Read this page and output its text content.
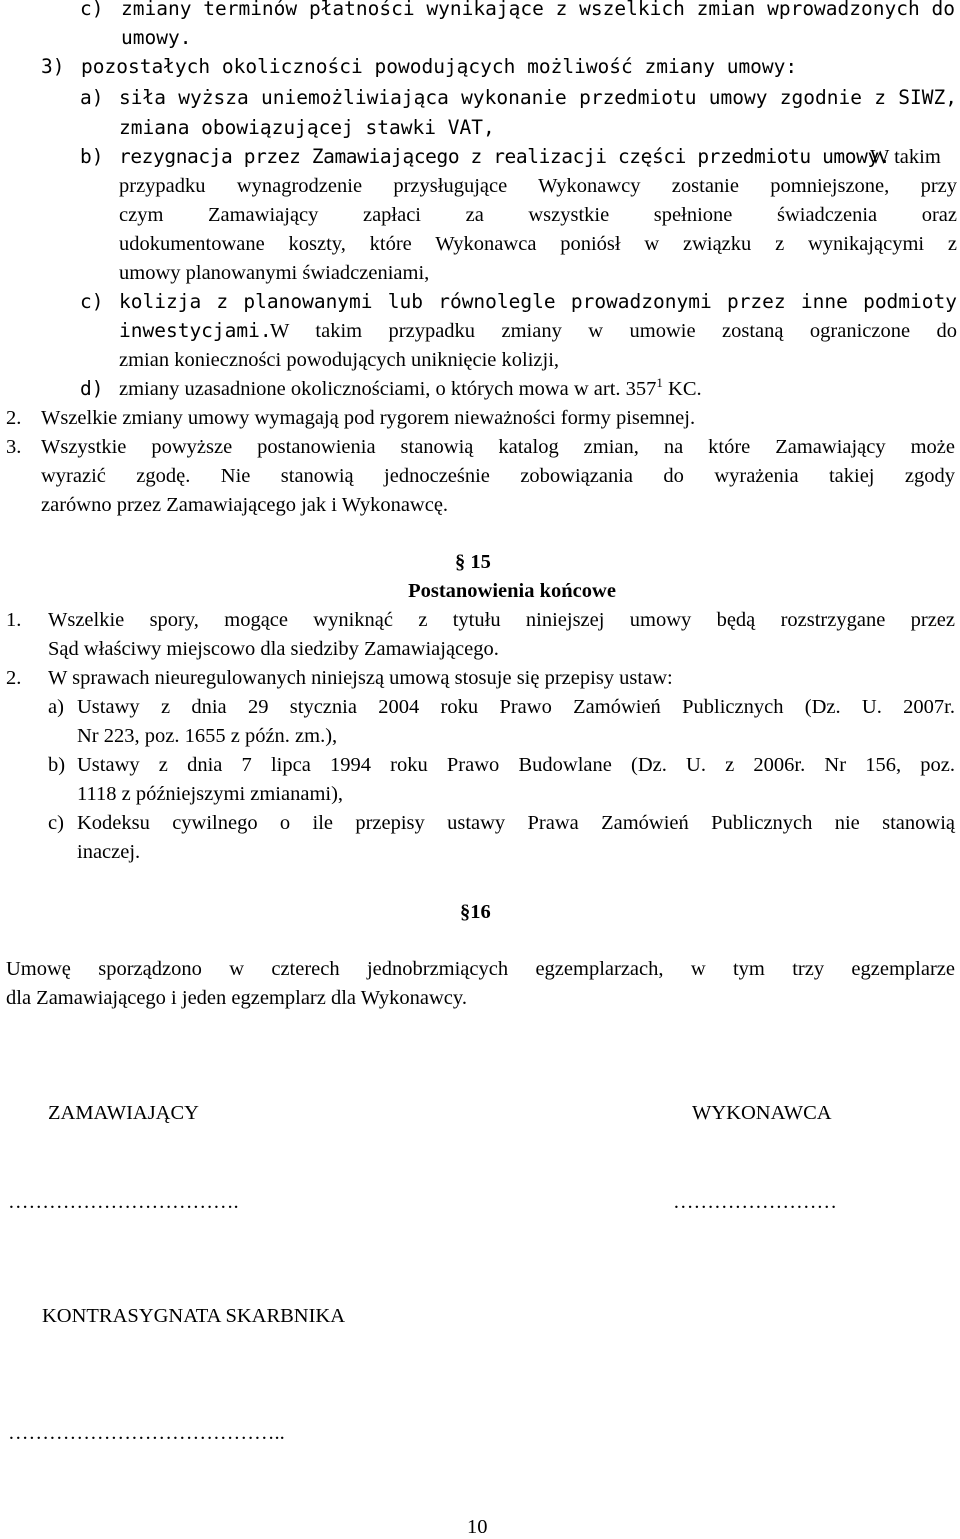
c) zmiany terminów płatności wynikające z wszelkich zmian wprowadzonych do
umowy.
3) pozostałych okoliczności powodujących możliwość zmiany umowy:
a) siła wyższa uniemożliwiająca wykonanie przedmiotu umowy zgodnie z SIWZ,
zmiana obowiązującej stawki VAT,
b) rezygnacja przez Zamawiającego z realizacji części przedmiotu umowy.
W takim
przypadku wynagrodzenie przysługujące Wykonawcy zostanie pomniejszone, przy
czym Zamawiający zapłaci za wszystkie spełnione świadczenia oraz
udokumentowane koszty, które Wykonawca poniósł w związku z wynikającymi z
umowy planowanymi świadczeniami,
c) kolizja z planowanymi lub równolegle prowadzonymi przez inne podmioty
inwestycjami.
W takim przypadku zmiany w umowie zostaną ograniczone do
zmian konieczności powodujących uniknięcie kolizji,
d) zmiany uzasadnione okolicznościami, o których mowa w art. $357^1$ KC.
2. Wszelkie zmiany umowy wymagają pod rygorem nieważności formy pisemnej.
3. Wszystkie powyższe postanowienia stanowią katalog zmian, na które Zamawiający może
wyrazić zgodę. Nie stanowią jednocześnie zobowiązania do wyrażenia takiej zgody
zarówno przez Zamawiającego jak i Wykonawcę.
§ 15
Postanowienia końcowe
1. Wszelkie spory, mogące wyniknąć z tytułu niniejszej umowy będą rozstrzygane przez
Sąd właściwy miejscowo dla siedziby Zamawiającego.
2. W sprawach nieuregulowanych niniejszą umową stosuje się przepisy ustaw:
a) Ustawy z dnia 29 stycznia 2004 roku Prawo Zamówień Publicznych (Dz. U. 2007r.
Nr 223, poz. 1655 z późn. zm.),
b) Ustawy z dnia 7 lipca 1994 roku Prawo Budowlane (Dz. U. z 2006r. Nr 156, poz.
1118 z późniejszymi zmianami),
c) Kodeksu cywilnego o ile przepisy ustawy Prawa Zamówień Publicznych nie stanowią
inaczej.
§16
Umowę sporządzono w czterech jednobrzmiących egzemplarzach, w tym trzy egzemplarze
dla Zamawiającego i jeden egzemplarz dla Wykonawcy.
ZAMAWIAJĄCY	WYKONAWCA
…………………………….	……………………
KONTRASYGNATA SKARBNIKA
…………………………………..
10
